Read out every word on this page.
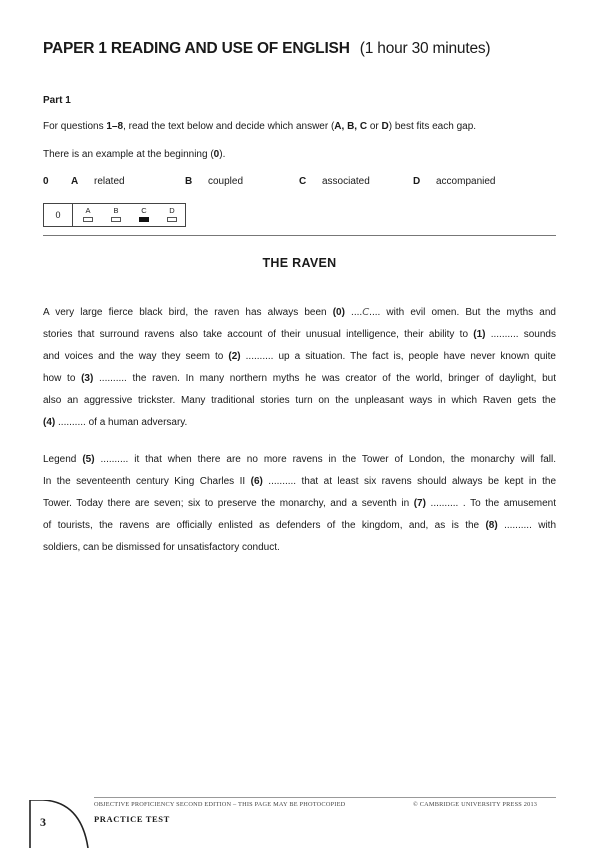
PAPER 1 READING AND USE OF ENGLISH (1 hour 30 minutes)
Part 1
For questions 1–8, read the text below and decide which answer (A, B, C or D) best fits each gap.
There is an example at the beginning (0).
0 A related	B coupled	C associated	D accompanied
0	A	B	C	D
THE RAVEN
A very large fierce black bird, the raven has always been (0) ....C.... with evil omen. But the myths and
stories that surround ravens also take account of their unusual intelligence, their ability to (1) .......... sounds
and voices and the way they seem to (2) .......... up a situation. The fact is, people have never known quite
how to (3) .......... the raven. In many northern myths he was creator of the world, bringer of daylight, but
also an aggressive trickster. Many traditional stories turn on the unpleasant ways in which Raven gets the
(4) .......... of a human adversary.
Legend (5) .......... it that when there are no more ravens in the Tower of London, the monarchy will fall.
In the seventeenth century King Charles II (6) .......... that at least six ravens should always be kept in the
Tower. Today there are seven; six to preserve the monarchy, and a seventh in (7) .......... . To the amusement
of tourists, the ravens are officially enlisted as defenders of the kingdom, and, as is the (8) .......... with
soldiers, can be dismissed for unsatisfactory conduct.
OBJECTIVE PROFICIENCY SECOND EDITION – THIS PAGE MAY BE PHOTOCOPIED	© CAMBRIDGE UNIVERSITY PRESS 2013
PRACTICE TEST
3
